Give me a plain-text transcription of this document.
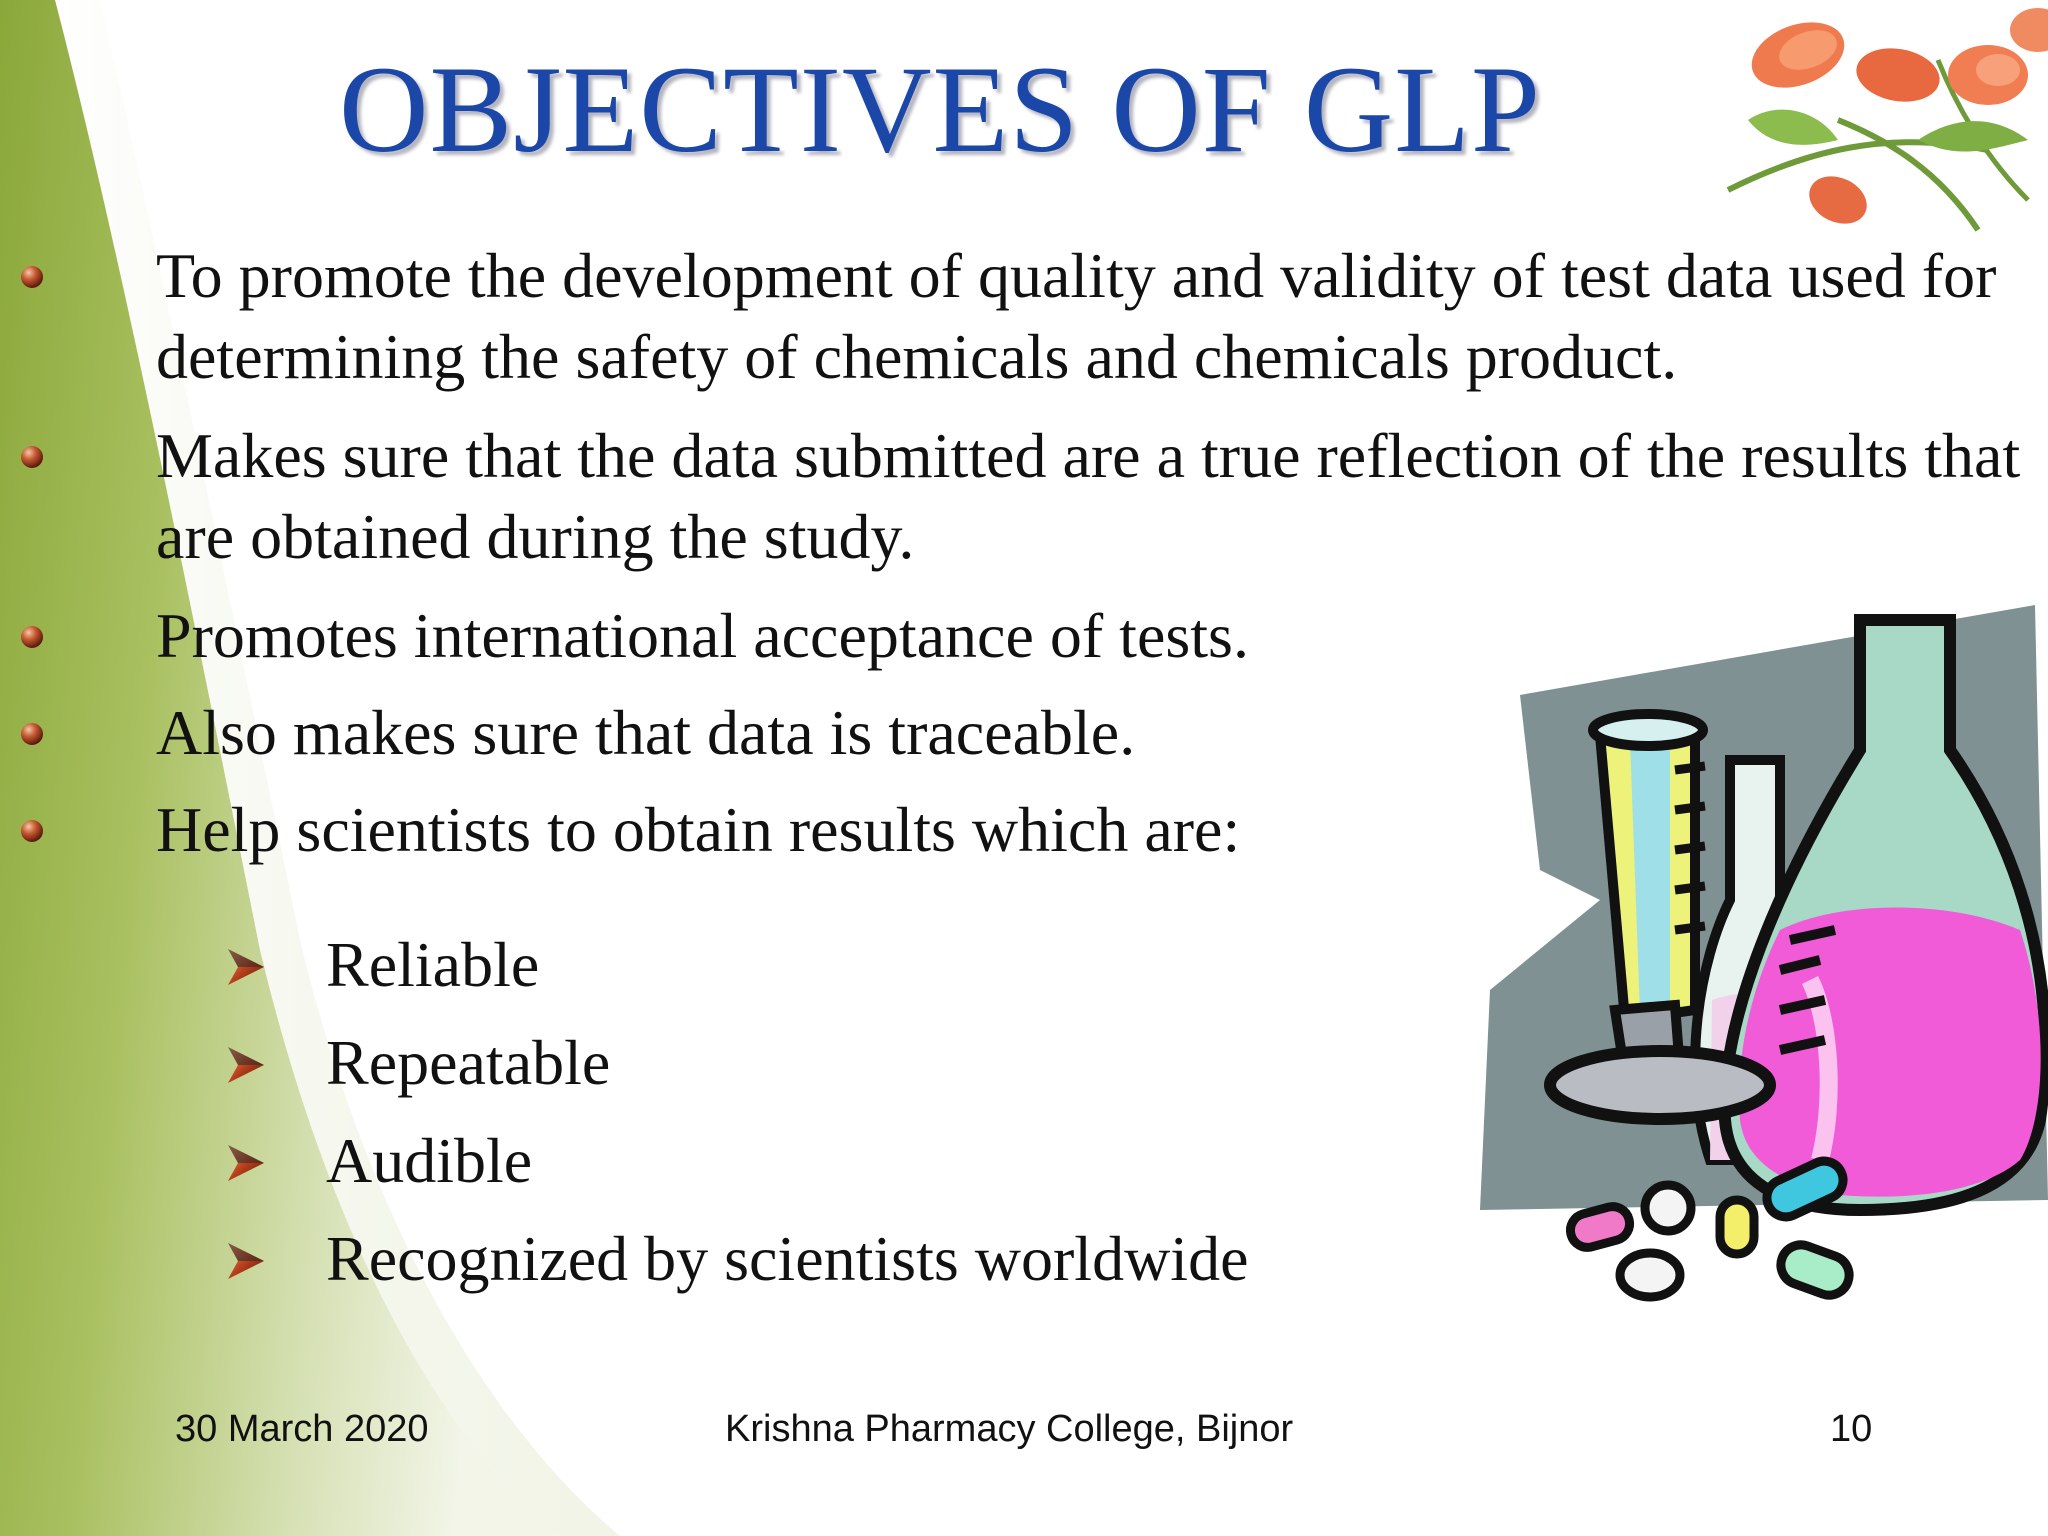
OBJECTIVES OF GLP
To promote the development of quality and validity of test data used for determining the safety of chemicals and chemicals product.
Makes sure that the data submitted are a true reflection of the results that are obtained during the study.
Promotes international acceptance of tests.
Also makes sure that data is traceable.
Help scientists to obtain results which are:
Reliable
Repeatable
Audible
Recognized by scientists worldwide
30 March 2020	Krishna Pharmacy College, Bijnor	10
